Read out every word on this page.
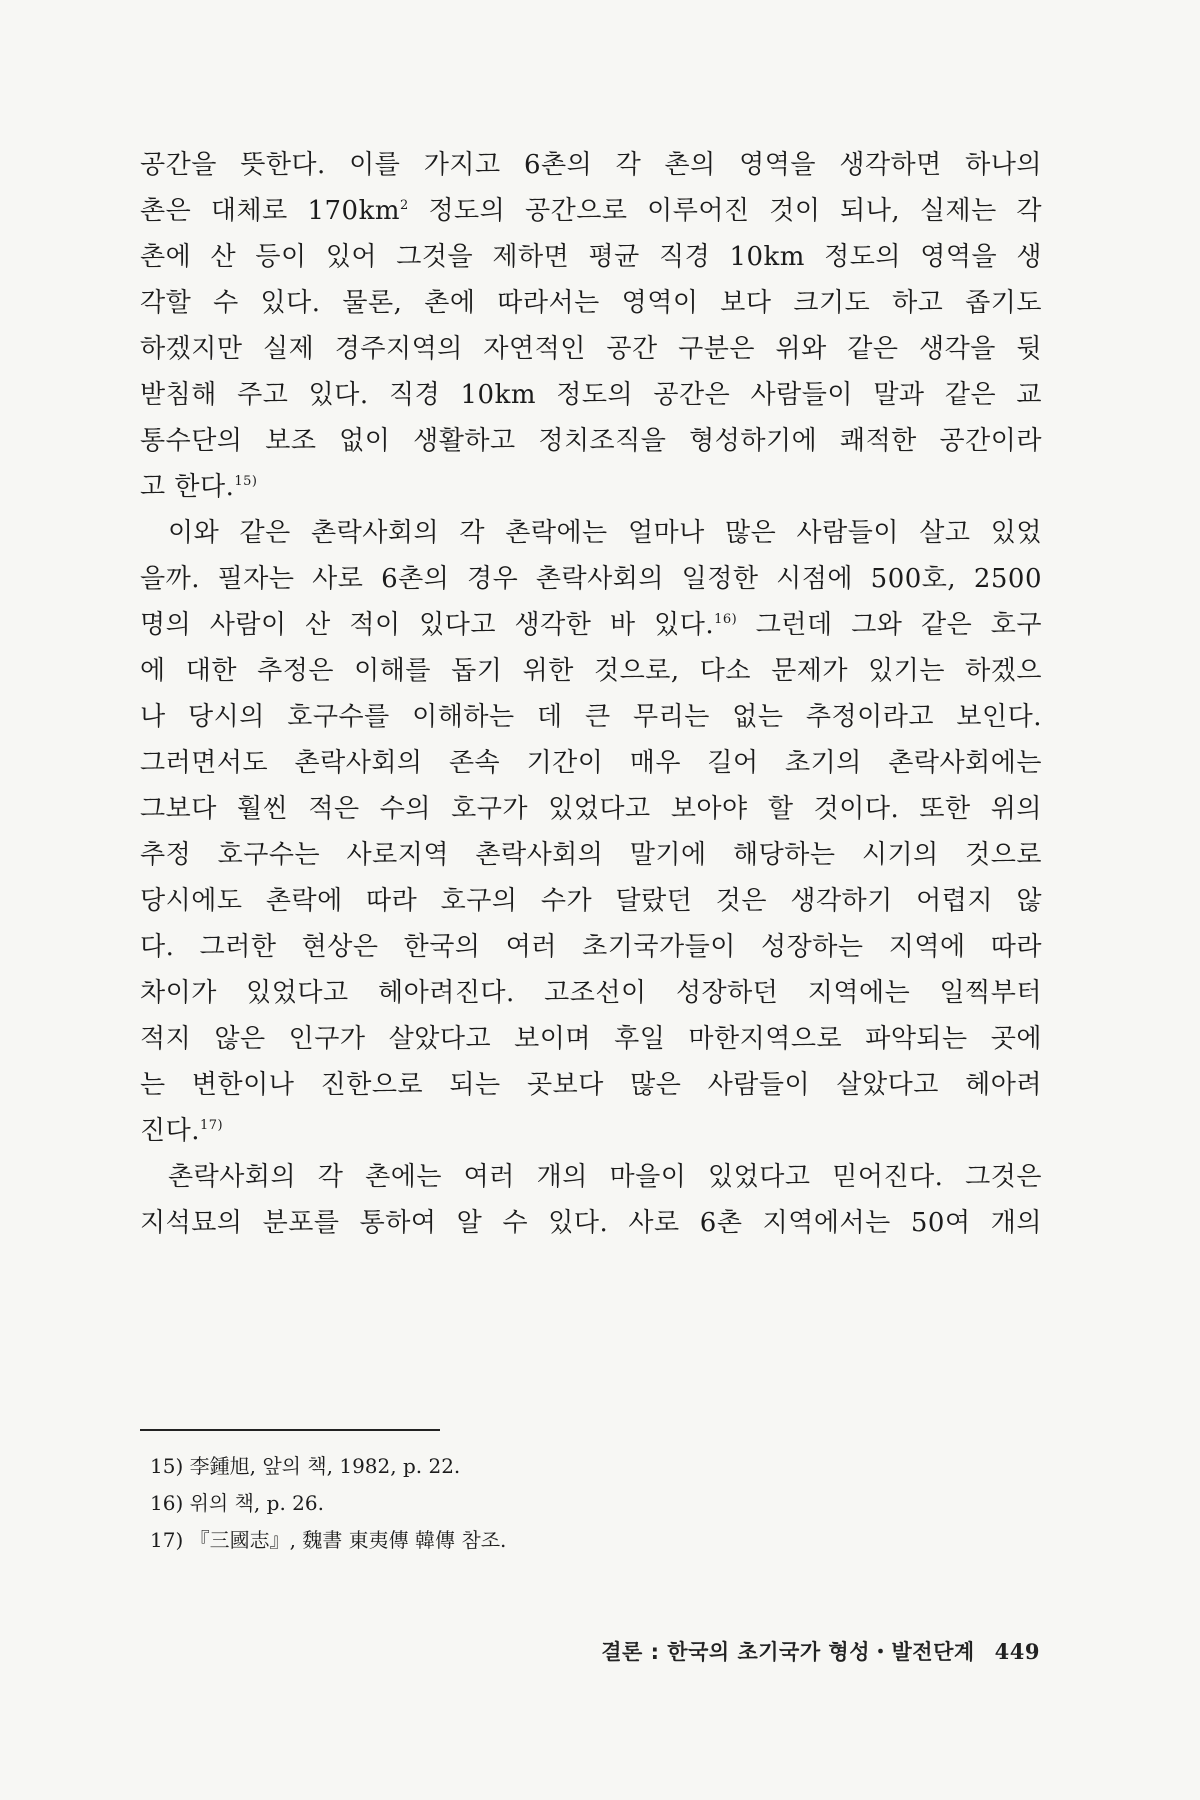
공간을 뜻한다. 이를 가지고 6촌의 각 촌의 영역을 생각하면 하나의
촌은 대체로 $170km^2$ 정도의 공간으로 이루어진 것이 되나, 실제는 각
촌에 산 등이 있어 그것을 제하면 평균 직경 10km 정도의 영역을 생
각할 수 있다. 물론, 촌에 따라서는 영역이 보다 크기도 하고 좁기도
하겠지만 실제 경주지역의 자연적인 공간 구분은 위와 같은 생각을 뒷
받침해 주고 있다. 직경 10km 정도의 공간은 사람들이 말과 같은 교
통수단의 보조 없이 생활하고 정치조직을 형성하기에 쾌적한 공간이라
고 한다.$^{15)}$
이와 같은 촌락사회의 각 촌락에는 얼마나 많은 사람들이 살고 있었
을까. 필자는 사로 6촌의 경우 촌락사회의 일정한 시점에 500호, 2500
명의 사람이 산 적이 있다고 생각한 바 있다.$^{16)}$ 그런데 그와 같은 호구
에 대한 추정은 이해를 돕기 위한 것으로, 다소 문제가 있기는 하겠으
나 당시의 호구수를 이해하는 데 큰 무리는 없는 추정이라고 보인다.
그러면서도 촌락사회의 존속 기간이 매우 길어 초기의 촌락사회에는
그보다 훨씬 적은 수의 호구가 있었다고 보아야 할 것이다. 또한 위의
추정 호구수는 사로지역 촌락사회의 말기에 해당하는 시기의 것으로
당시에도 촌락에 따라 호구의 수가 달랐던 것은 생각하기 어렵지 않
다. 그러한 현상은 한국의 여러 초기국가들이 성장하는 지역에 따라
차이가 있었다고 헤아려진다. 고조선이 성장하던 지역에는 일찍부터
적지 않은 인구가 살았다고 보이며 후일 마한지역으로 파악되는 곳에
는 변한이나 진한으로 되는 곳보다 많은 사람들이 살았다고 헤아려
진다.$^{17)}$
촌락사회의 각 촌에는 여러 개의 마을이 있었다고 믿어진다. 그것은
지석묘의 분포를 통하여 알 수 있다. 사로 6촌 지역에서는 50여 개의
15) 李鍾旭, 앞의 책, 1982, p. 22.
16) 위의 책, p. 26.
17) 『三國志』, 魏書 東夷傳 韓傳 참조.
결론 : 한국의 초기국가 형성・발전단계 449
